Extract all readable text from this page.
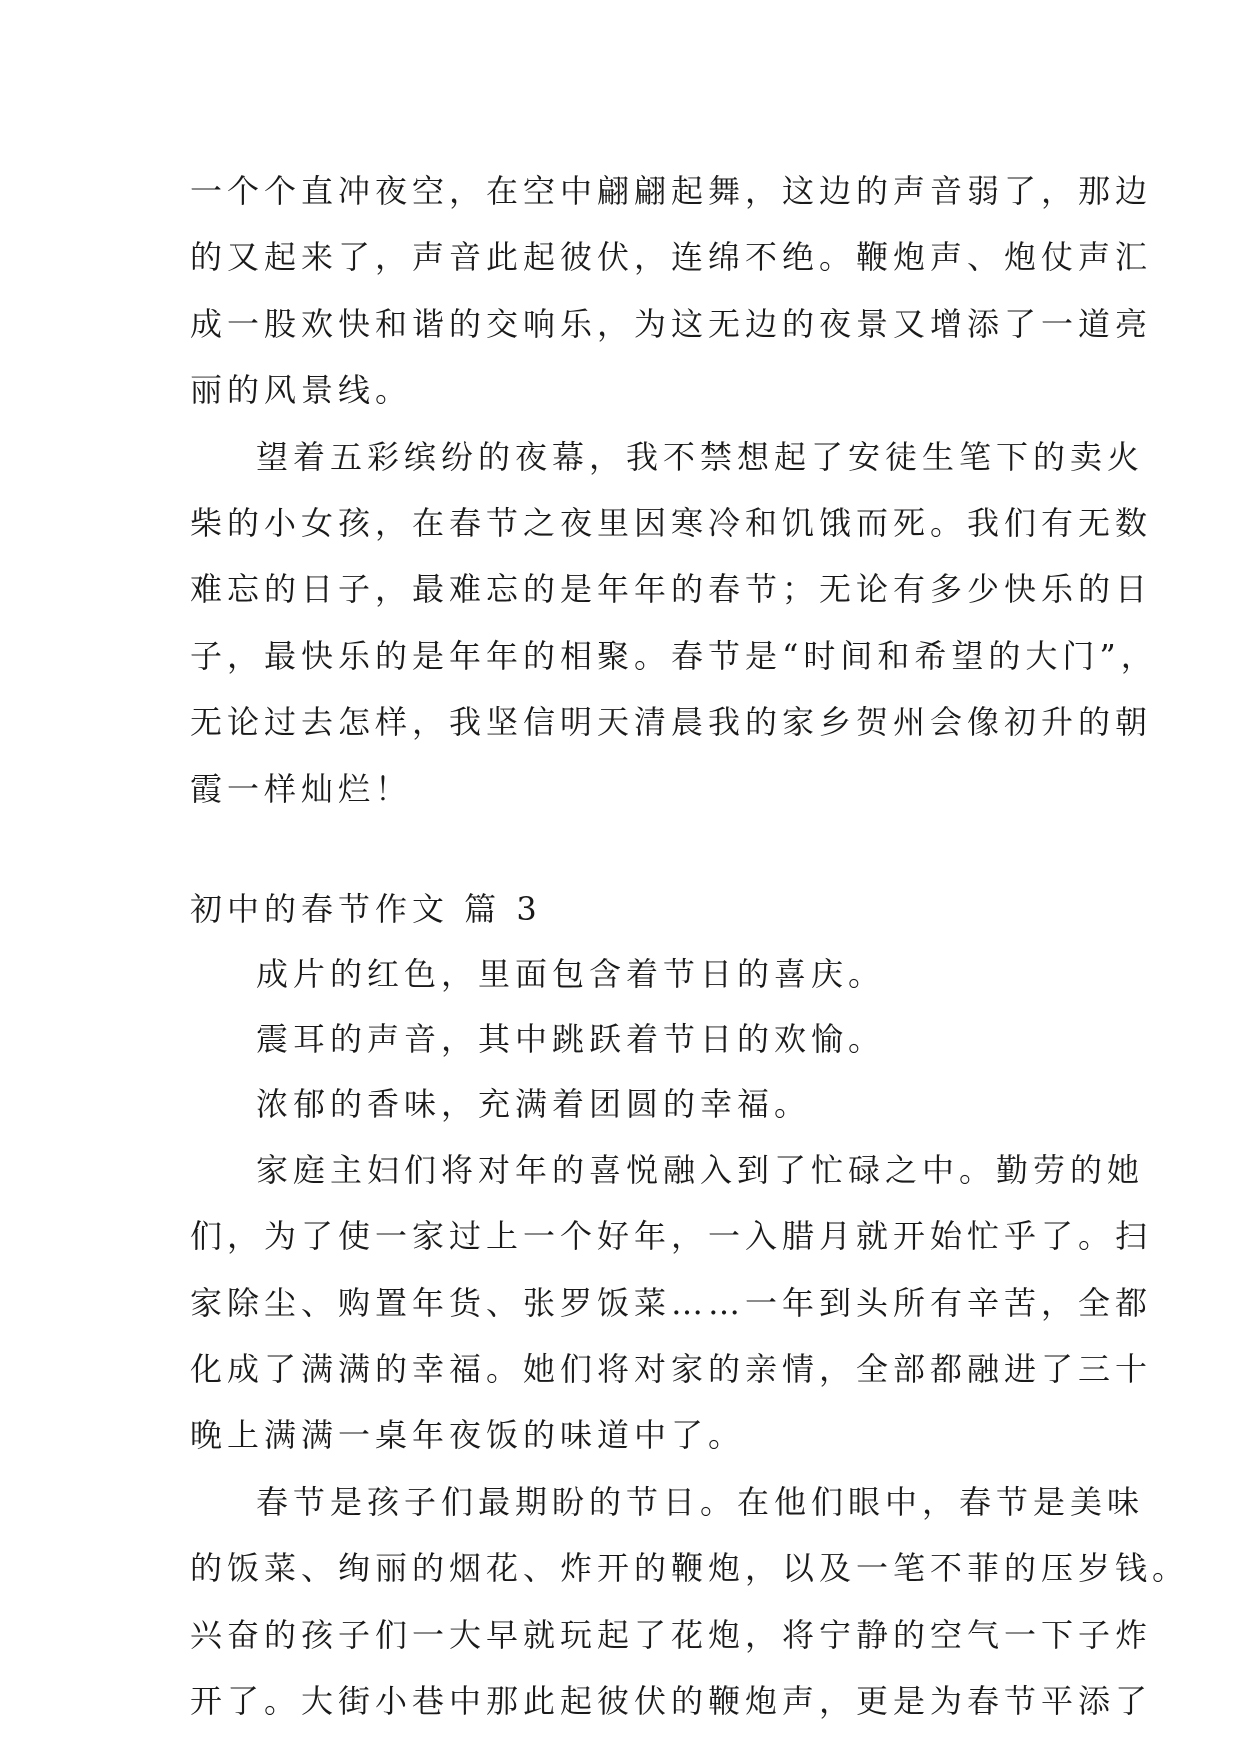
一个个直冲夜空，在空中翩翩起舞，这边的声音弱了，那边
的又起来了，声音此起彼伏，连绵不绝。鞭炮声、炮仗声汇
成一股欢快和谐的交响乐，为这无边的夜景又增添了一道亮
丽的风景线。
望着五彩缤纷的夜幕，我不禁想起了安徒生笔下的卖火
柴的小女孩，在春节之夜里因寒冷和饥饿而死。我们有无数
难忘的日子，最难忘的是年年的春节；无论有多少快乐的日
子，最快乐的是年年的相聚。春节是“时间和希望的大门”，
无论过去怎样，我坚信明天清晨我的家乡贺州会像初升的朝
霞一样灿烂！
初中的春节作文 篇 3
成片的红色，里面包含着节日的喜庆。
震耳的声音，其中跳跃着节日的欢愉。
浓郁的香味，充满着团圆的幸福。
家庭主妇们将对年的喜悦融入到了忙碌之中。勤劳的她
们，为了使一家过上一个好年，一入腊月就开始忙乎了。扫
家除尘、购置年货、张罗饭菜……一年到头所有辛苦，全都
化成了满满的幸福。她们将对家的亲情，全部都融进了三十
晚上满满一桌年夜饭的味道中了。
春节是孩子们最期盼的节日。在他们眼中，春节是美味
的饭菜、绚丽的烟花、炸开的鞭炮，以及一笔不菲的压岁钱。
兴奋的孩子们一大早就玩起了花炮，将宁静的空气一下子炸
开了。大街小巷中那此起彼伏的鞭炮声，更是为春节平添了
